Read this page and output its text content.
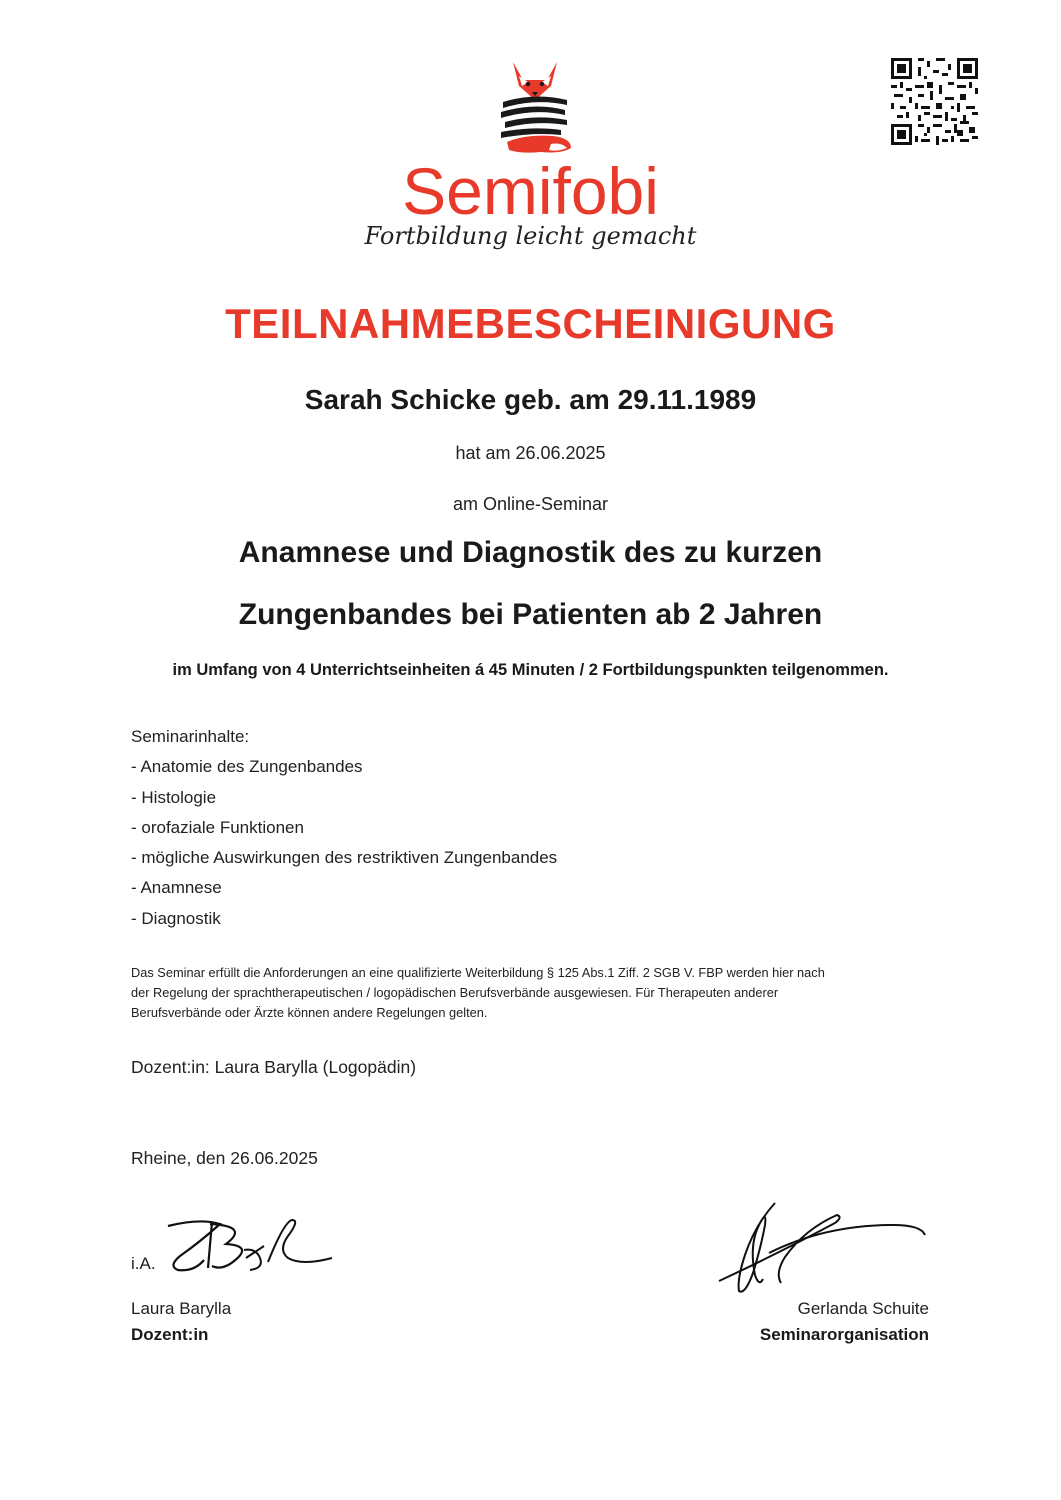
Semifobi
Fortbildung leicht gemacht
TEILNAHMEBESCHEINIGUNG
Sarah Schicke geb. am 29.11.1989
hat am 26.06.2025
am Online-Seminar
Anamnese und Diagnostik des zu kurzen
Zungenbandes bei Patienten ab 2 Jahren
im Umfang von 4 Unterrichtseinheiten á 45 Minuten / 2 Fortbildungspunkten teilgenommen.
Seminarinhalte:
- Anatomie des Zungenbandes
- Histologie
- orofaziale Funktionen
- mögliche Auswirkungen des restriktiven Zungenbandes
- Anamnese
- Diagnostik
Das Seminar erfüllt die Anforderungen an eine qualifizierte Weiterbildung § 125 Abs.1 Ziff. 2 SGB V. FBP werden hier nach
der Regelung der sprachtherapeutischen / logopädischen Berufsverbände ausgewiesen. Für Therapeuten anderer
Berufsverbände oder Ärzte können andere Regelungen gelten.
Dozent:in: Laura Barylla (Logopädin)
Rheine, den 26.06.2025
i.A.
Laura Barylla
Dozent:in
Gerlanda Schuite
Seminarorganisation
